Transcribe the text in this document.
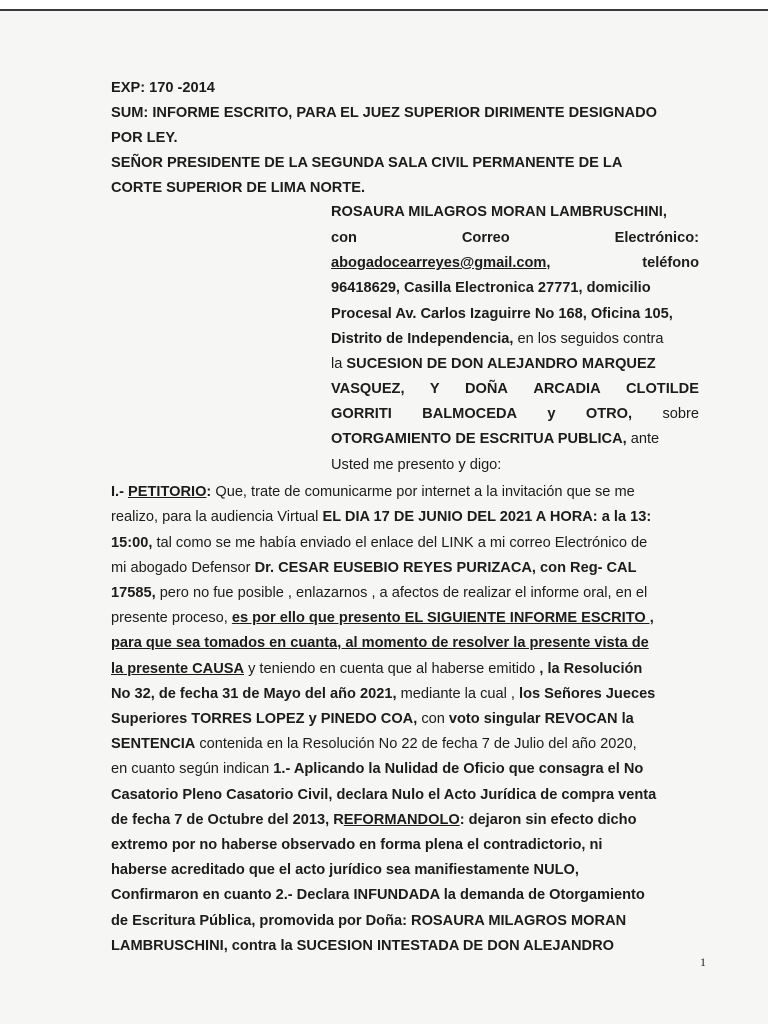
EXP: 170 -2014
SUM: INFORME ESCRITO, PARA EL JUEZ SUPERIOR DIRIMENTE DESIGNADO
POR LEY.
SEÑOR PRESIDENTE DE LA SEGUNDA SALA CIVIL PERMANENTE DE LA
CORTE SUPERIOR DE LIMA NORTE.
ROSAURA MILAGROS MORAN LAMBRUSCHINI,
con	Correo	Electrónico:
abogadocearreyes@gmail.com,	teléfono
96418629, Casilla Electronica 27771, domicilio
Procesal Av. Carlos Izaguirre No 168, Oficina 105,
Distrito de Independencia, en los seguidos contra
la SUCESION DE DON ALEJANDRO MARQUEZ
VASQUEZ, Y DOÑA ARCADIA CLOTILDE
GORRITI BALMOCEDA y OTRO, sobre
OTORGAMIENTO DE ESCRITUA PUBLICA, ante
Usted me presento y digo:
I.- PETITORIO: Que, trate de comunicarme por internet a la invitación que se me
realizo, para la audiencia Virtual EL DIA 17 DE JUNIO DEL 2021 A HORA: a la 13:
15:00, tal como se me había enviado el enlace del LINK a mi correo Electrónico de
mi abogado Defensor Dr. CESAR EUSEBIO REYES PURIZACA, con Reg- CAL
17585, pero no fue posible , enlazarnos , a afectos de realizar el informe oral, en el
presente proceso, es por ello que presento EL SIGUIENTE INFORME ESCRITO ,
para que sea tomados en cuanta, al momento de resolver la presente vista de
la presente CAUSA y teniendo en cuenta que al haberse emitido , la Resolución
No 32, de fecha 31 de Mayo del año 2021, mediante la cual , los Señores Jueces
Superiores TORRES LOPEZ y PINEDO COA, con voto singular REVOCAN la
SENTENCIA contenida en la Resolución No 22 de fecha 7 de Julio del año 2020,
en cuanto según indican 1.- Aplicando la Nulidad de Oficio que consagra el No
Casatorio Pleno Casatorio Civil, declara Nulo el Acto Jurídica de compra venta
de fecha 7 de Octubre del 2013, REFORMANDOLO: dejaron sin efecto dicho
extremo por no haberse observado en forma plena el contradictorio, ni
haberse acreditado que el acto jurídico sea manifiestamente NULO,
Confirmaron en cuanto 2.- Declara INFUNDADA la demanda de Otorgamiento
de Escritura Pública, promovida por Doña: ROSAURA MILAGROS MORAN
LAMBRUSCHINI, contra la SUCESION INTESTADA DE DON ALEJANDRO
1
